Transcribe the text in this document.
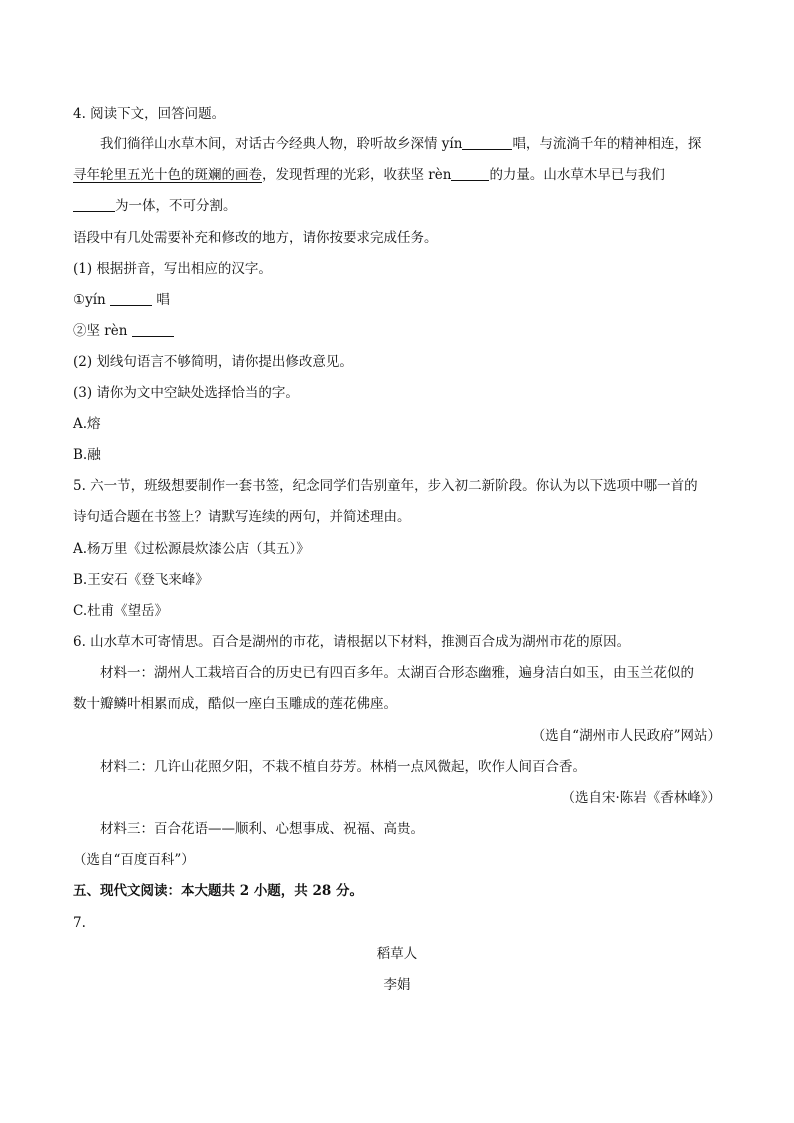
4. 阅读下文，回答问题。
我们徜徉山水草木间，对话古今经典人物，聆听故乡深情 yín	唱，与流淌千年的精神相连，探
寻年轮里五光十色的斑斓的画卷，发现哲理的光彩，收获坚 rèn	的力量。山水草木早已与我们
为一体，不可分割。
语段中有几处需要补充和修改的地方，请你按要求完成任务。
(1) 根据拼音，写出相应的汉字。
①yín	唱
②坚 rèn
(2) 划线句语言不够简明，请你提出修改意见。
(3) 请你为文中空缺处选择恰当的字。
A.熔
B.融
5. 六一节，班级想要制作一套书签，纪念同学们告别童年，步入初二新阶段。你认为以下选项中哪一首的
诗句适合题在书签上？请默写连续的两句，并简述理由。
A.杨万里《过松源晨炊漆公店（其五）》
B.王安石《登飞来峰》
C.杜甫《望岳》
6. 山水草木可寄情思。百合是湖州的市花，请根据以下材料，推测百合成为湖州市花的原因。
材料一：湖州人工栽培百合的历史已有四百多年。太湖百合形态幽雅，遍身洁白如玉，由玉兰花似的
数十瓣鳞叶相累而成，酷似一座白玉雕成的莲花佛座。
（选自“湖州市人民政府”网站）
材料二：几许山花照夕阳，不栽不植自芬芳。林梢一点风微起，吹作人间百合香。
（选自宋·陈岩《香林峰》）
材料三：百合花语——顺利、心想事成、祝福、高贵。
（选自“百度百科”）
五、现代文阅读：本大题共 2 小题，共 28 分。
7.
稻草人
李娟
